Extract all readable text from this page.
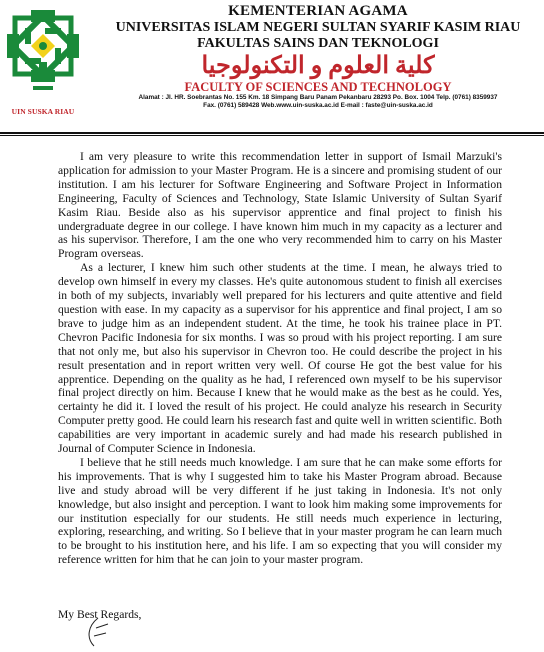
UIN SUSKA RIAU
KEMENTERIAN AGAMA
UNIVERSITAS ISLAM NEGERI SULTAN SYARIF KASIM RIAU
FAKULTAS SAINS DAN TEKNOLOGI
كلية العلوم و التكنولوجيا
FACULTY OF SCIENCES AND TECHNOLOGY
Alamat : Jl. HR. Soebrantas No. 155 Km. 18 Simpang Baru Panam Pekanbaru 28293 Po. Box. 1004 Telp. (0761) 8359937
Fax. (0761) 589428 Web.www.uin-suska.ac.id E-mail : faste@uin-suska.ac.id

I am very pleasure to write this recommendation letter in support of Ismail Marzuki's application for admission to your Master Program. He is a sincere and promising student of our institution. I am his lecturer for Software Engineering and Software Project in Information Engineering, Faculty of Sciences and Technology, State Islamic University of Sultan Syarif Kasim Riau. Beside also as his supervisor apprentice and final project to finish his undergraduate degree in our college. I have known him much in my capacity as a lecturer and as his supervisor. Therefore, I am the one who very recommended him to carry on his Master Program overseas.

As a lecturer, I knew him such other students at the time. I mean, he always tried to develop own himself in every my classes. He's quite autonomous student to finish all exercises in both of my subjects, invariably well prepared for his lecturers and quite attentive and field question with ease. In my capacity as a supervisor for his apprentice and final project, I am so brave to judge him as an independent student. At the time, he took his trainee place in PT. Chevron Pacific Indonesia for six months. I was so proud with his project reporting. I am sure that not only me, but also his supervisor in Chevron too. He could describe the project in his result presentation and in report written very well. Of course He got the best value for his apprentice. Depending on the quality as he had, I referenced own myself to be his supervisor final project directly on him. Because I knew that he would make as the best as he could. Yes, certainty he did it. I loved the result of his project. He could analyze his research in Security Computer pretty good. He could learn his research fast and quite well in written scientific. Both capabilities are very important in academic surely and had made his research published in Journal of Computer Science in Indonesia.

I believe that he still needs much knowledge. I am sure that he can make some efforts for his improvements. That is why I suggested him to take his Master Program abroad. Because live and study abroad will be very different if he just taking in Indonesia. It's not only knowledge, but also insight and perception. I want to look him making some improvements for our institution especially for our students. He still needs much experience in lecturing, exploring, researching, and writing. So I believe that in your master program he can learn much to be brought to his institution here, and his life. I am so expecting that you will consider my reference written for him that he can join to your master program.

My Best Regards,
